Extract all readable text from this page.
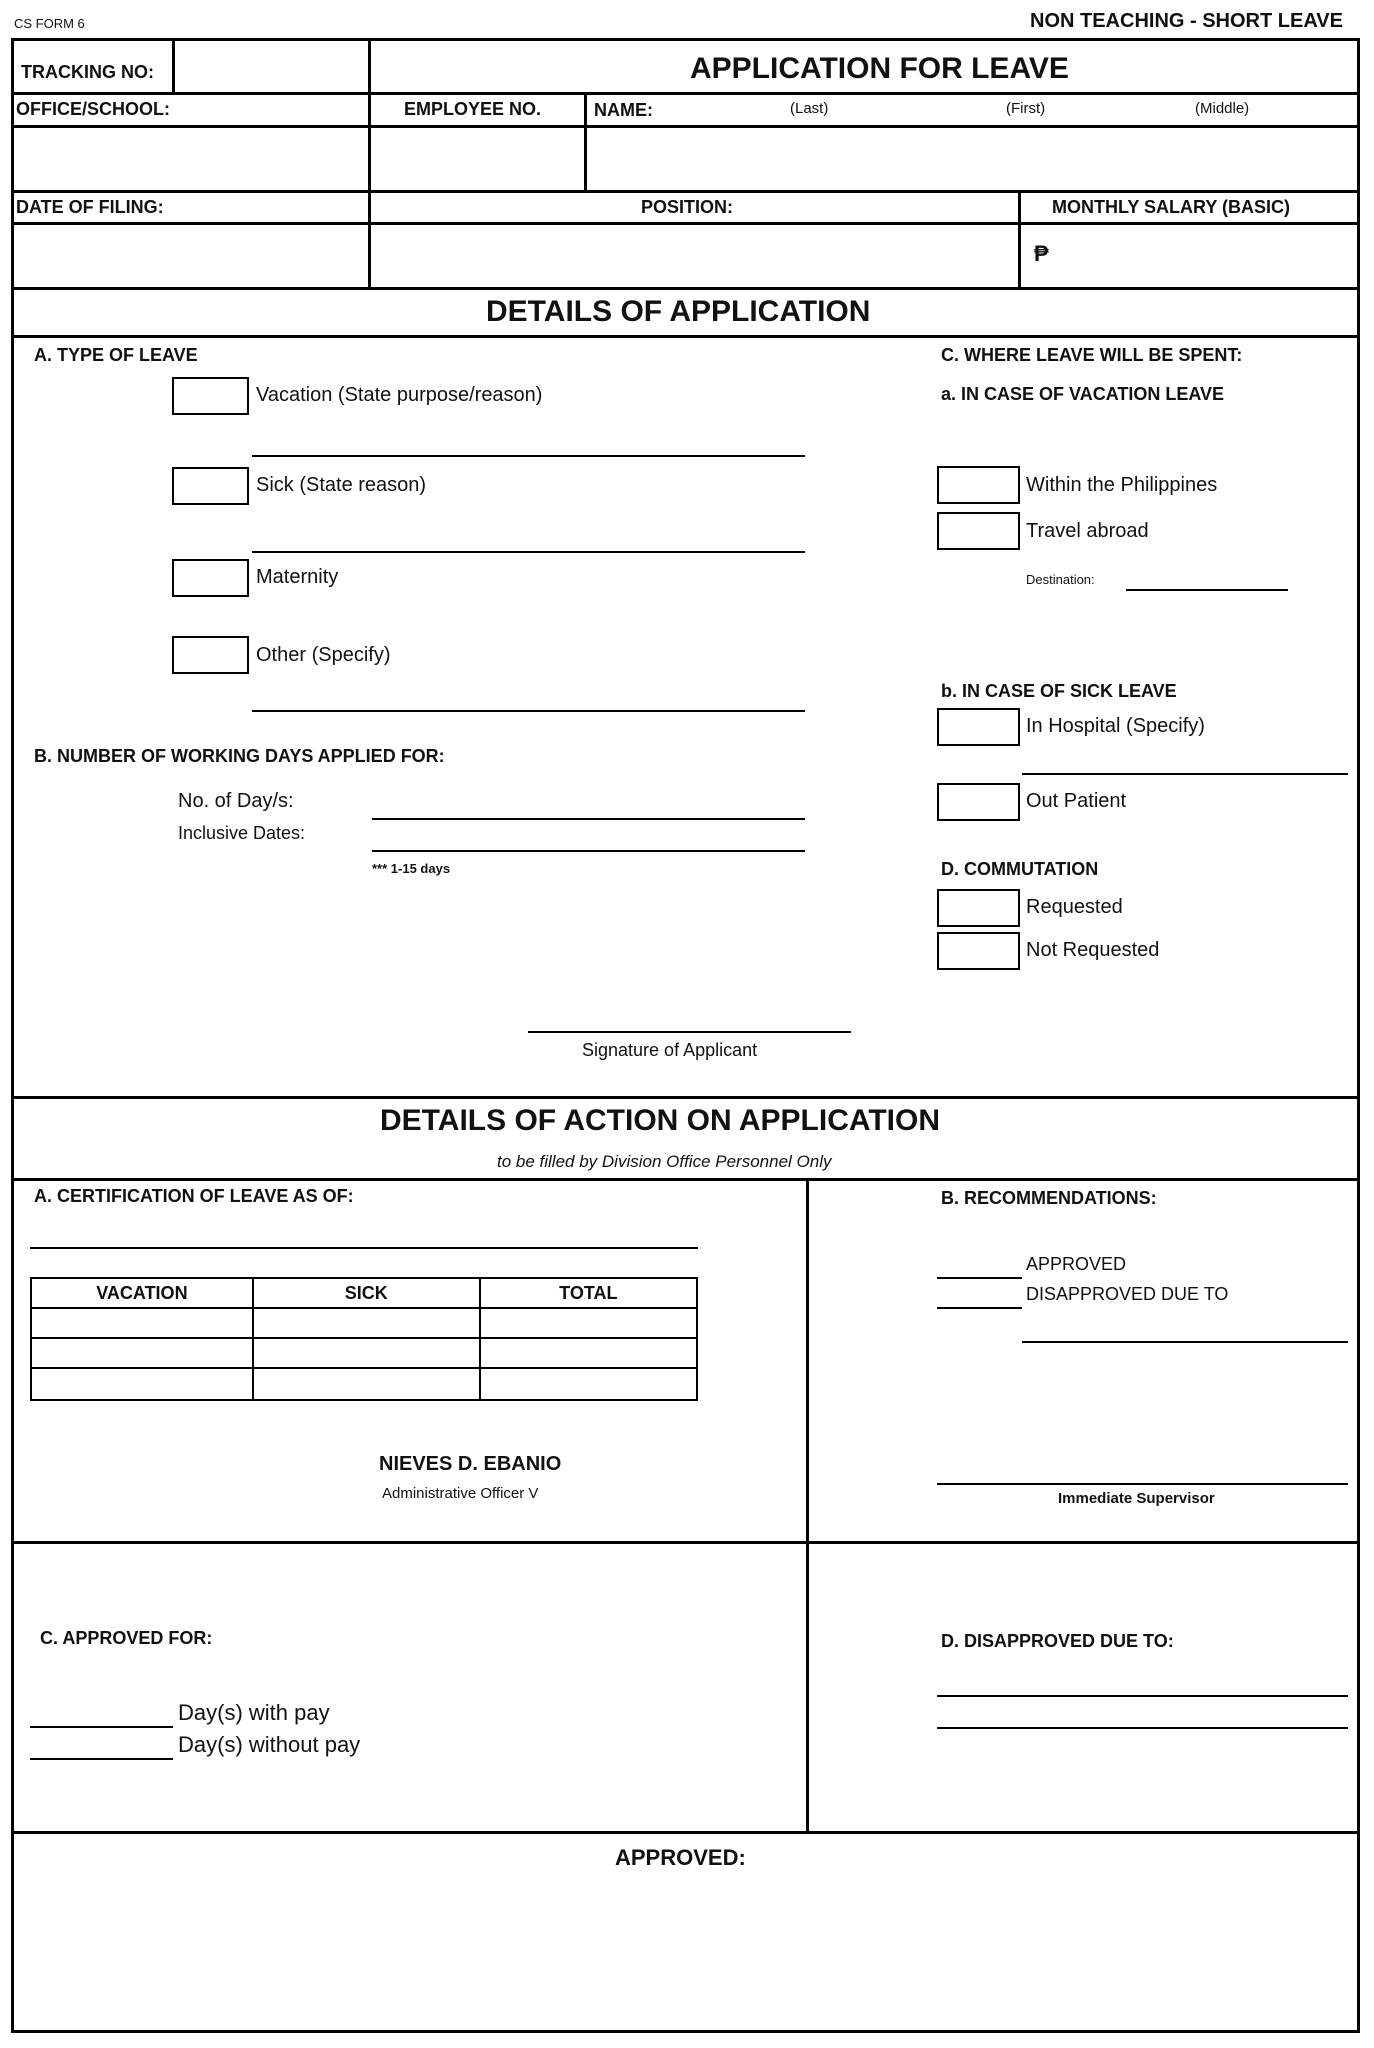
CS FORM 6	NON TEACHING - SHORT LEAVE
TRACKING NO:	APPLICATION FOR LEAVE
OFFICE/SCHOOL:	EMPLOYEE NO.	NAME:	(Last)	(First)	(Middle)
DATE OF FILING:	POSITION:	MONTHLY SALARY (BASIC)
₱
DETAILS OF APPLICATION
A. TYPE OF LEAVE
Vacation (State purpose/reason)
Sick (State reason)
Maternity
Other (Specify)
B. NUMBER OF WORKING DAYS APPLIED FOR:
No. of Day/s:
Inclusive Dates:
*** 1-15 days
C. WHERE LEAVE WILL BE SPENT:
a. IN CASE OF VACATION LEAVE
Within the Philippines
Travel abroad
Destination:
b. IN CASE OF SICK LEAVE
In Hospital (Specify)
Out Patient
D. COMMUTATION
Requested
Not Requested
Signature of Applicant
DETAILS OF ACTION ON APPLICATION
to be filled by Division Office Personnel Only
A. CERTIFICATION OF LEAVE AS OF:
VACATION	SICK	TOTAL

NIEVES D. EBANIO
Administrative Officer V
B. RECOMMENDATIONS:
APPROVED
DISAPPROVED DUE TO
Immediate Supervisor
C. APPROVED FOR:
Day(s) with pay
Day(s) without pay
D. DISAPPROVED DUE TO:
APPROVED:
